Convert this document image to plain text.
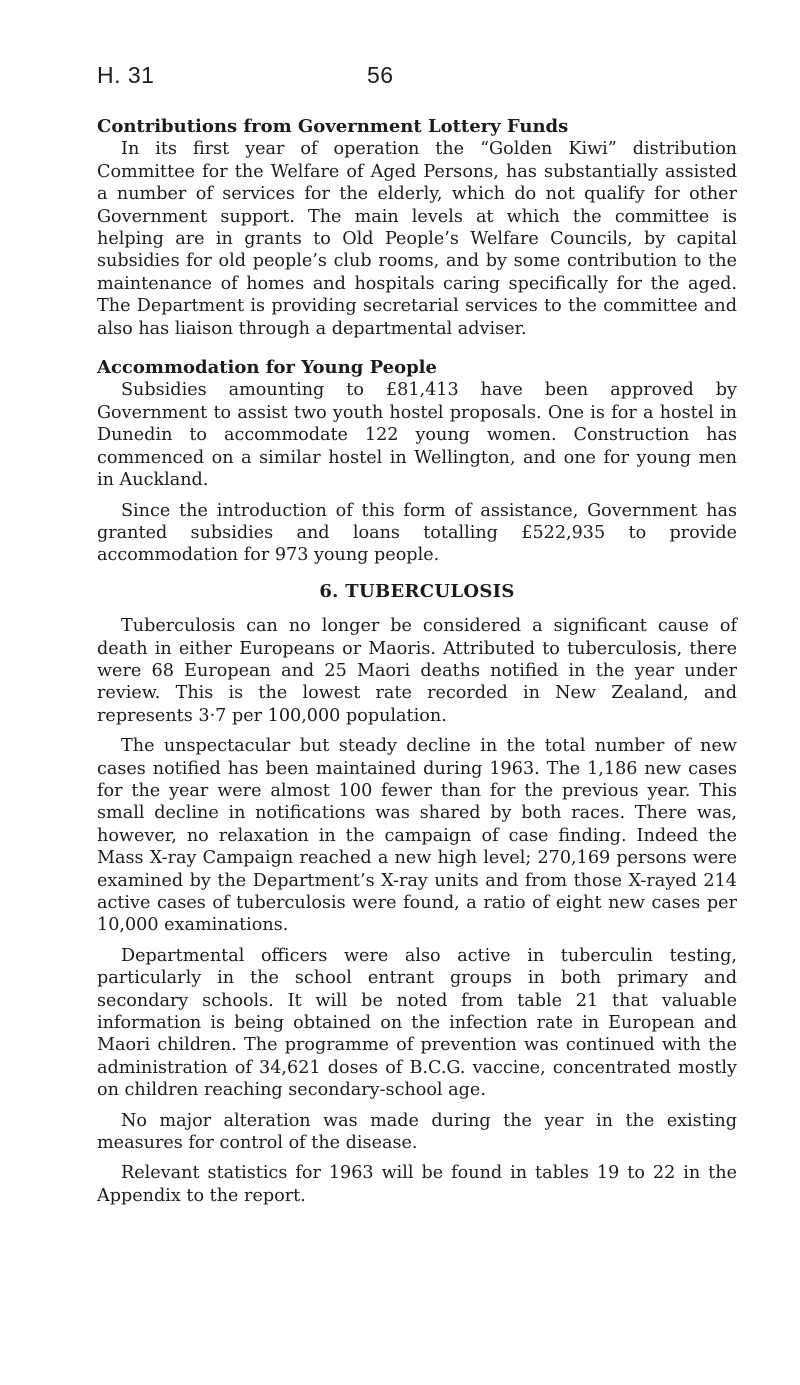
H. 31	56

Contributions from Government Lottery Funds

In its first year of operation the “Golden Kiwi” distribution Committee for the Welfare of Aged Persons, has substantially assisted a number of services for the elderly, which do not qualify for other Government support. The main levels at which the committee is helping are in grants to Old People’s Welfare Councils, by capital subsidies for old people’s club rooms, and by some contribution to the maintenance of homes and hospitals caring specifically for the aged. The Department is providing secretarial services to the committee and also has liaison through a departmental adviser.

Accommodation for Young People

Subsidies amounting to £81,413 have been approved by Government to assist two youth hostel proposals. One is for a hostel in Dunedin to accommodate 122 young women. Construction has commenced on a similar hostel in Wellington, and one for young men in Auckland.

Since the introduction of this form of assistance, Government has granted subsidies and loans totalling £522,935 to provide accommodation for 973 young people.

6. TUBERCULOSIS

Tuberculosis can no longer be considered a significant cause of death in either Europeans or Maoris. Attributed to tuberculosis, there were 68 European and 25 Maori deaths notified in the year under review. This is the lowest rate recorded in New Zealand, and represents 3·7 per 100,000 population.

The unspectacular but steady decline in the total number of new cases notified has been maintained during 1963. The 1,186 new cases for the year were almost 100 fewer than for the previous year. This small decline in notifications was shared by both races. There was, however, no relaxation in the campaign of case finding. Indeed the Mass X-ray Campaign reached a new high level; 270,169 persons were examined by the Department’s X-ray units and from those X-rayed 214 active cases of tuberculosis were found, a ratio of eight new cases per 10,000 examinations.

Departmental officers were also active in tuberculin testing, particularly in the school entrant groups in both primary and secondary schools. It will be noted from table 21 that valuable information is being obtained on the infection rate in European and Maori children. The programme of prevention was continued with the administration of 34,621 doses of B.C.G. vaccine, concentrated mostly on children reaching secondary-school age.

No major alteration was made during the year in the existing measures for control of the disease.

Relevant statistics for 1963 will be found in tables 19 to 22 in the Appendix to the report.
